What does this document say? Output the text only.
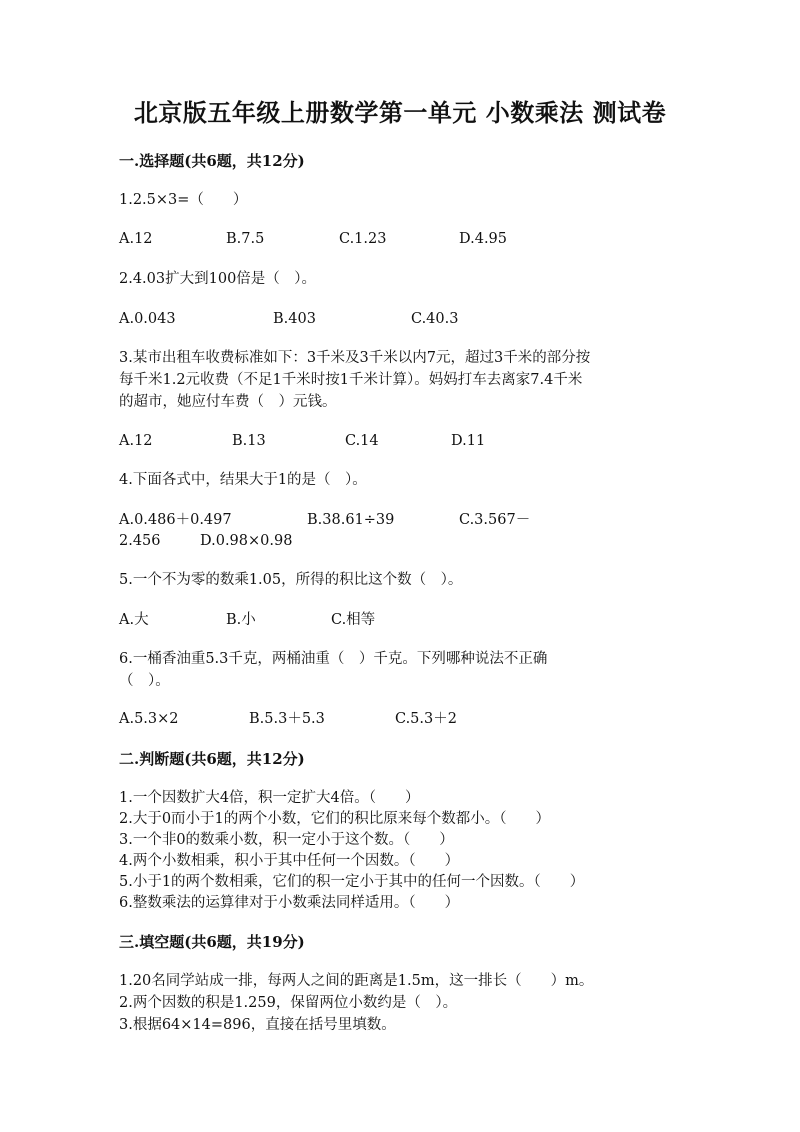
北京版五年级上册数学第一单元 小数乘法 测试卷
一.选择题(共6题，共12分)
1.2.5×3=（　　）
A.12	B.7.5	C.1.23	D.4.95
2.4.03扩大到100倍是（　）。
A.0.043	B.403	C.40.3
3.某市出租车收费标准如下：3千米及3千米以内7元，超过3千米的部分按
每千米1.2元收费（不足1千米时按1千米计算）。妈妈打车去离家7.4千米
的超市，她应付车费（　）元钱。
A.12	B.13	C.14	D.11
4.下面各式中，结果大于1的是（　）。
A.0.486＋0.497	B.38.61÷39	C.3.567－
2.456	D.0.98×0.98
5.一个不为零的数乘1.05，所得的积比这个数（　）。
A.大	B.小	C.相等
6.一桶香油重5.3千克，两桶油重（　）千克。下列哪种说法不正确
（　）。
A.5.3×2	B.5.3＋5.3	C.5.3＋2
二.判断题(共6题，共12分)
1.一个因数扩大4倍，积一定扩大4倍。（　　）
2.大于0而小于1的两个小数，它们的积比原来每个数都小。（　　）
3.一个非0的数乘小数，积一定小于这个数。（　　）
4.两个小数相乘，积小于其中任何一个因数。（　　）
5.小于1的两个数相乘，它们的积一定小于其中的任何一个因数。（　　）
6.整数乘法的运算律对于小数乘法同样适用。（　　）
三.填空题(共6题，共19分)
1.20名同学站成一排，每两人之间的距离是1.5m，这一排长（　　）m。
2.两个因数的积是1.259，保留两位小数约是（　）。
3.根据64×14=896，直接在括号里填数。
